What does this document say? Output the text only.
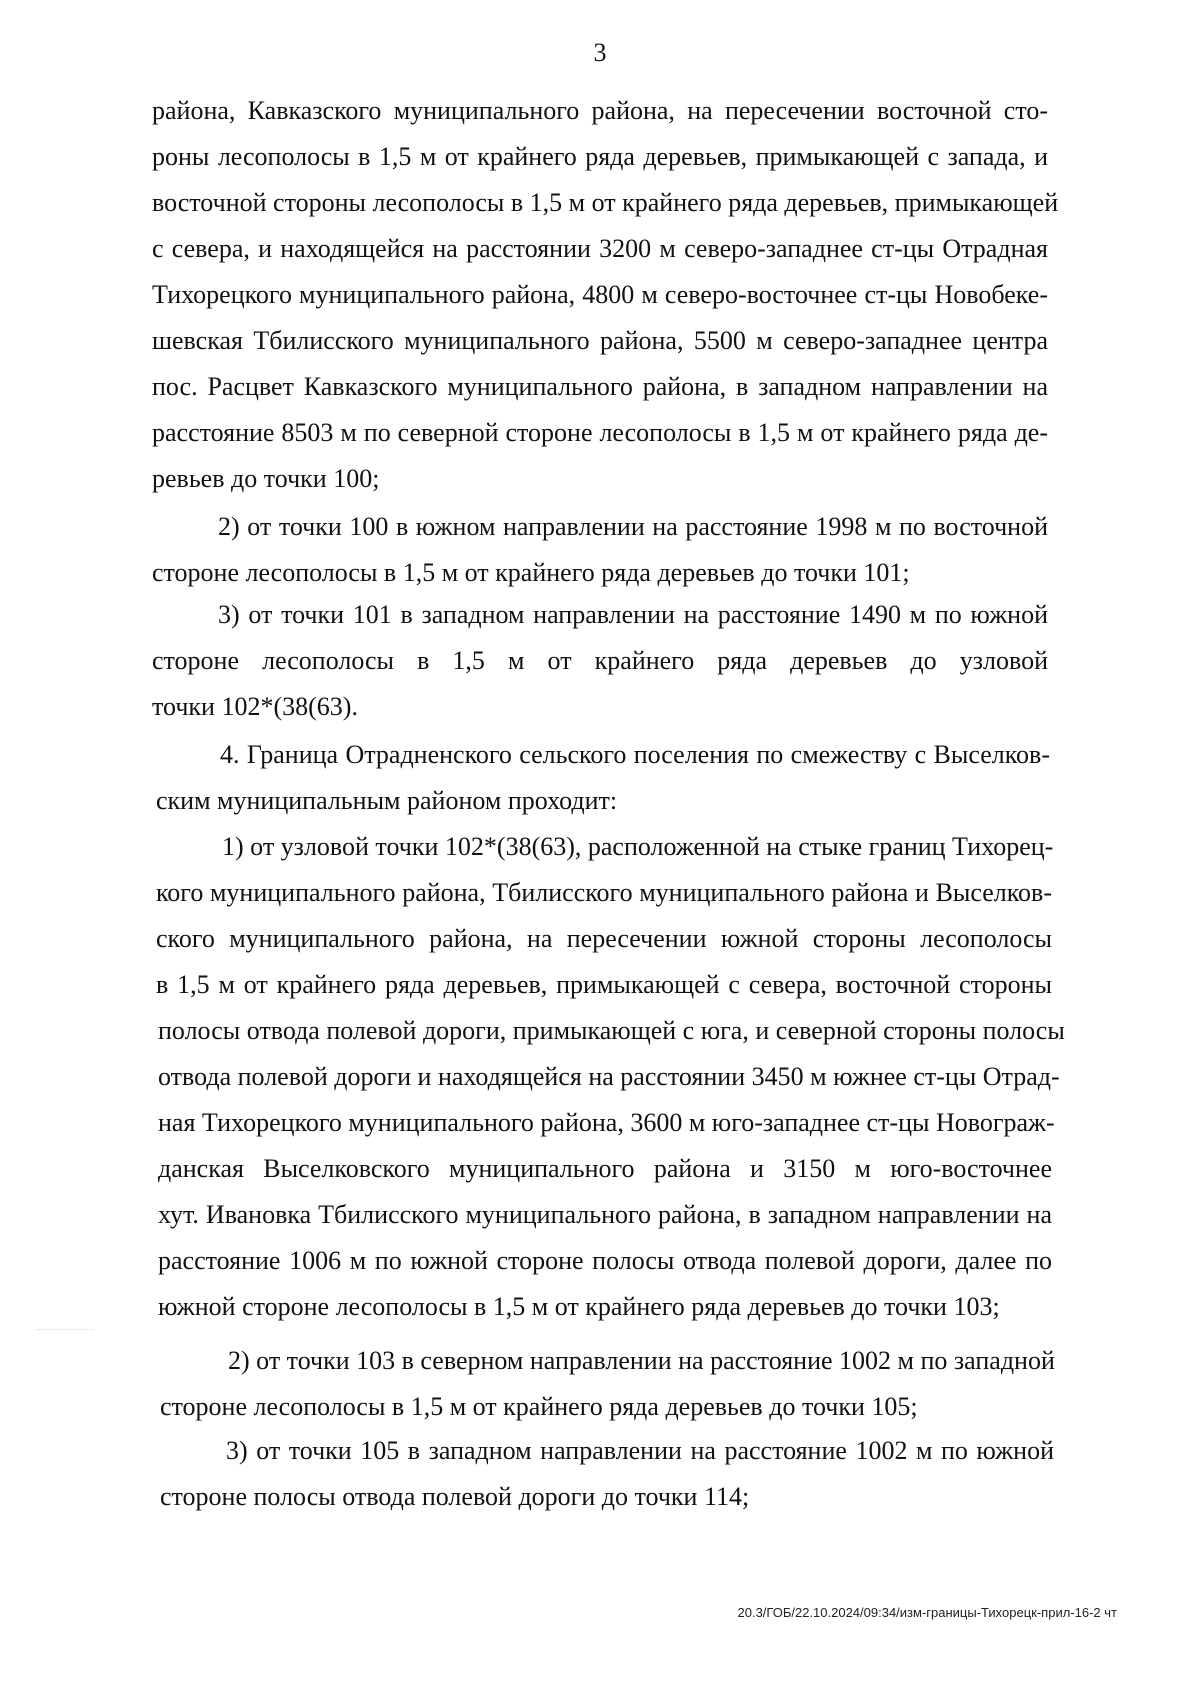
3
района, Кавказского муниципального района, на пересечении восточной сто-
роны лесополосы в 1,5 м от крайнего ряда деревьев, примыкающей с запада, и
восточной стороны лесополосы в 1,5 м от крайнего ряда деревьев, примыкающей
с севера, и находящейся на расстоянии 3200 м северо-западнее ст-цы Отрадная
Тихорецкого муниципального района, 4800 м северо-восточнее ст-цы Новобеке-
шевская Тбилисского муниципального района, 5500 м северо-западнее центра
пос. Расцвет Кавказского муниципального района, в западном направлении на
расстояние 8503 м по северной стороне лесополосы в 1,5 м от крайнего ряда де-
ревьев до точки 100;
2) от точки 100 в южном направлении на расстояние 1998 м по восточной
стороне лесополосы в 1,5 м от крайнего ряда деревьев до точки 101;
3) от точки 101 в западном направлении на расстояние 1490 м по южной
стороне лесополосы в 1,5 м от крайнего ряда деревьев до узловой
точки 102*(38(63).
4. Граница Отрадненского сельского поселения по смежеству с Выселков-
ским муниципальным районом проходит:
1) от узловой точки 102*(38(63), расположенной на стыке границ Тихорец-
кого муниципального района, Тбилисского муниципального района и Выселков-
ского муниципального района, на пересечении южной стороны лесополосы
в 1,5 м от крайнего ряда деревьев, примыкающей с севера, восточной стороны
полосы отвода полевой дороги, примыкающей с юга, и северной стороны полосы
отвода полевой дороги и находящейся на расстоянии 3450 м южнее ст-цы Отрад-
ная Тихорецкого муниципального района, 3600 м юго-западнее ст-цы Новограж-
данская Выселковского муниципального района и 3150 м юго-восточнее
хут. Ивановка Тбилисского муниципального района, в западном направлении на
расстояние 1006 м по южной стороне полосы отвода полевой дороги, далее по
южной стороне лесополосы в 1,5 м от крайнего ряда деревьев до точки 103;
2) от точки 103 в северном направлении на расстояние 1002 м по западной
стороне лесополосы в 1,5 м от крайнего ряда деревьев до точки 105;
3) от точки 105 в западном направлении на расстояние 1002 м по южной
стороне полосы отвода полевой дороги до точки 114;
20.3/ГОБ/22.10.2024/09:34/изм-границы-Тихорецк-прил-16-2 чт
